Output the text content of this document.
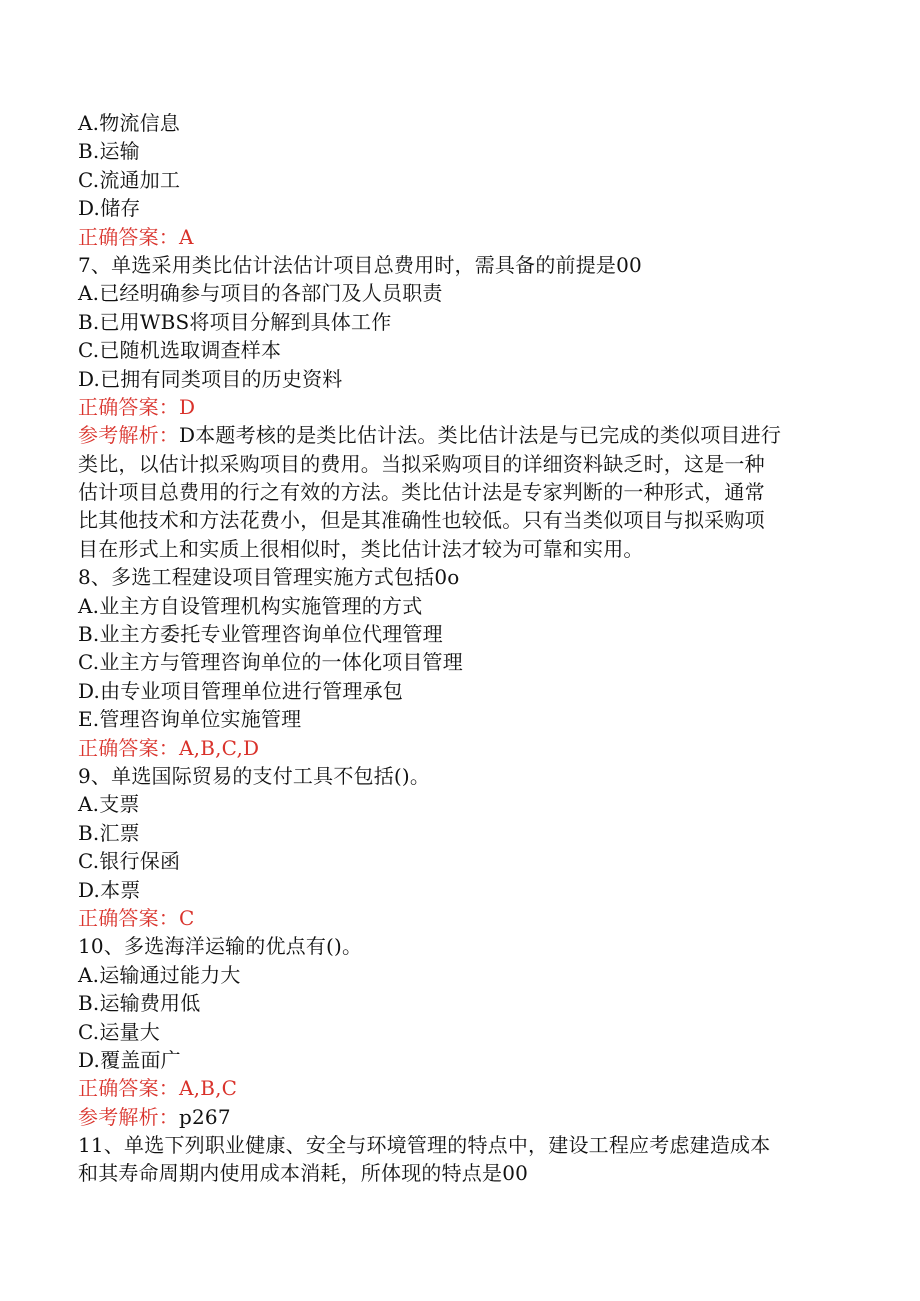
A.物流信息
B.运输
C.流通加工
D.储存
正确答案：A
7、单选采用类比估计法估计项目总费用时，需具备的前提是00
A.已经明确参与项目的各部门及人员职责
B.已用WBS将项目分解到具体工作
C.已随机选取调查样本
D.已拥有同类项目的历史资料
正确答案：D
参考解析：D本题考核的是类比估计法。类比估计法是与已完成的类似项目进行
类比，以估计拟采购项目的费用。当拟采购项目的详细资料缺乏时，这是一种
估计项目总费用的行之有效的方法。类比估计法是专家判断的一种形式，通常
比其他技术和方法花费小，但是其准确性也较低。只有当类似项目与拟采购项
目在形式上和实质上很相似时，类比估计法才较为可靠和实用。
8、多选工程建设项目管理实施方式包括0o
A.业主方自设管理机构实施管理的方式
B.业主方委托专业管理咨询单位代理管理
C.业主方与管理咨询单位的一体化项目管理
D.由专业项目管理单位进行管理承包
E.管理咨询单位实施管理
正确答案：A,B,C,D
9、单选国际贸易的支付工具不包括()。
A.支票
B.汇票
C.银行保函
D.本票
正确答案：C
10、多选海洋运输的优点有()。
A.运输通过能力大
B.运输费用低
C.运量大
D.覆盖面广
正确答案：A,B,C
参考解析：p267
11、单选下列职业健康、安全与环境管理的特点中，建设工程应考虑建造成本
和其寿命周期内使用成本消耗，所体现的特点是00
